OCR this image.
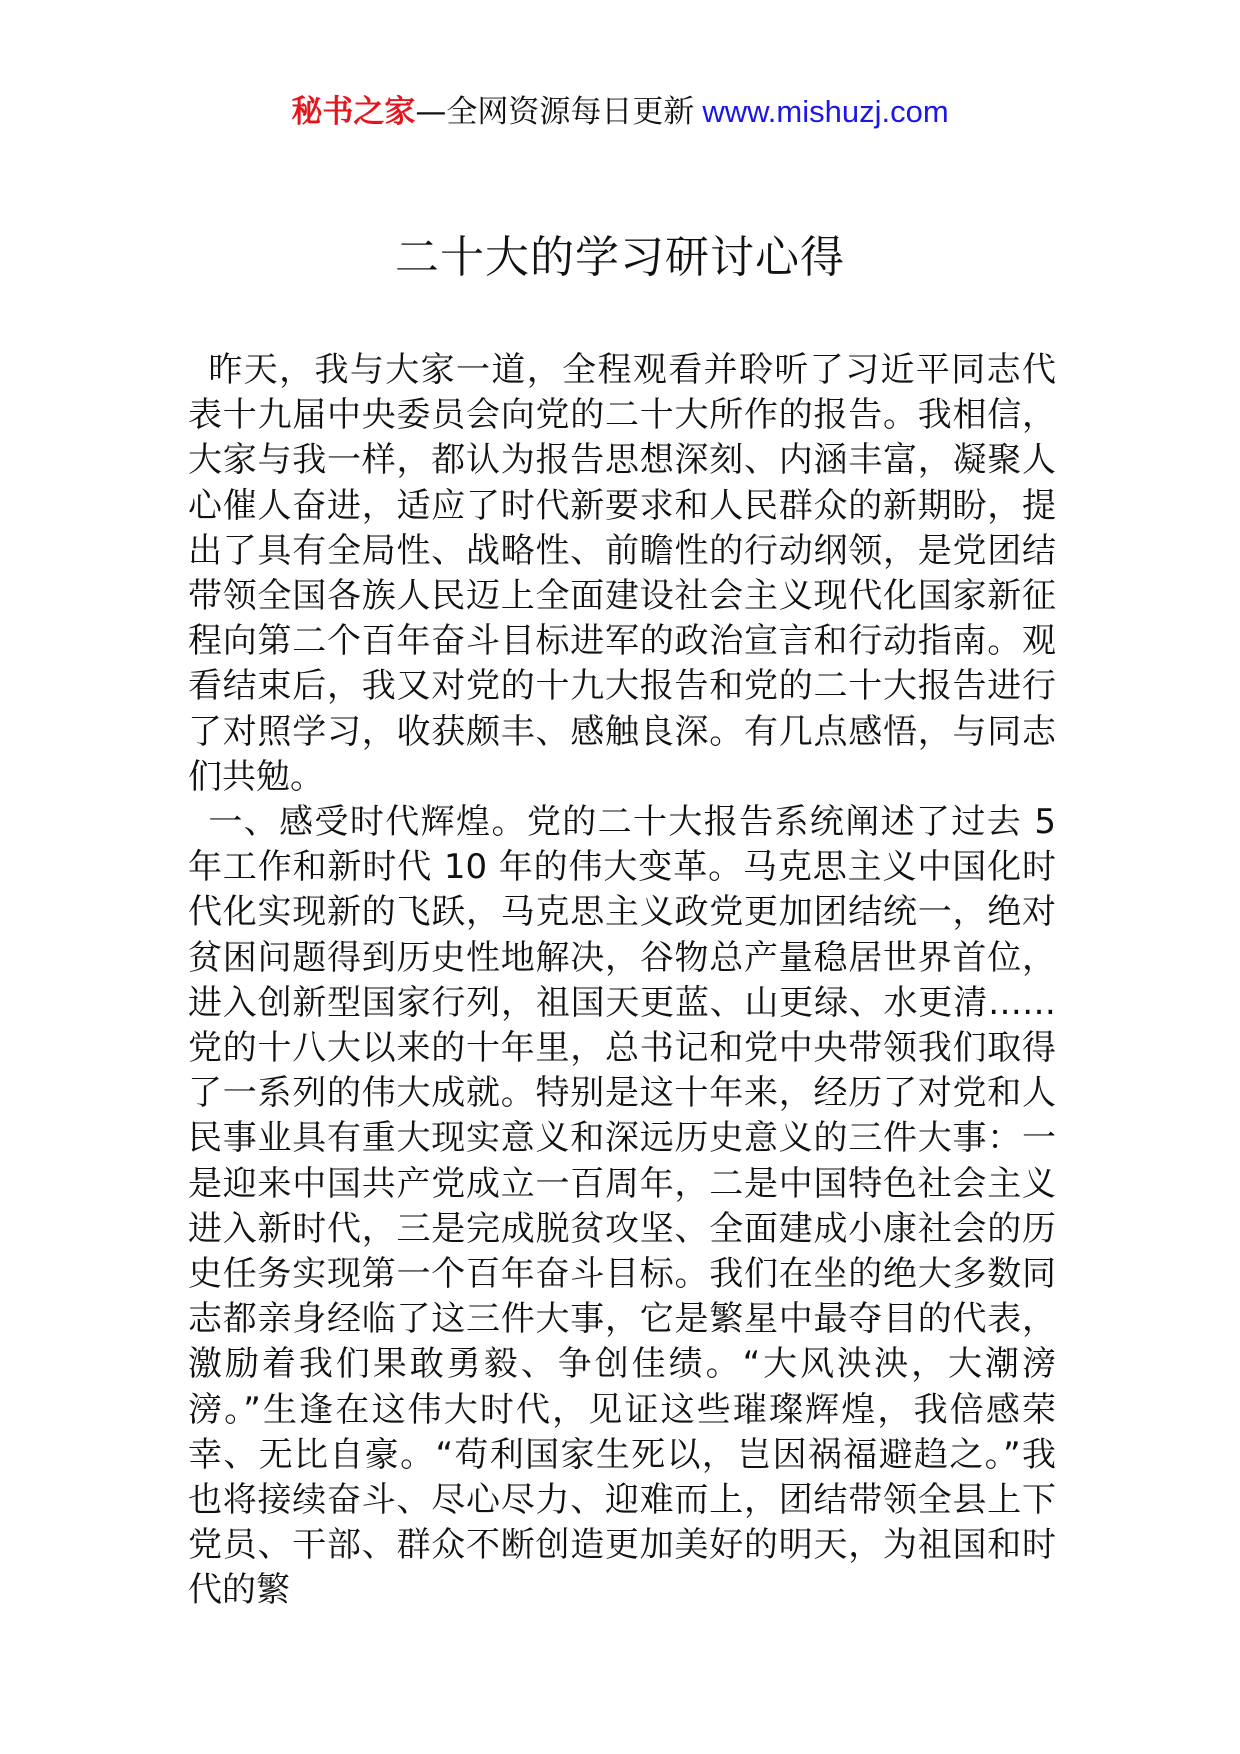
秘书之家—全网资源每日更新 www.mishuzj.com
二十大的学习研讨心得

昨天，我与大家一道，全程观看并聆听了习近平同志代表十九届中央委员会向党的二十大所作的报告。我相信，大家与我一样，都认为报告思想深刻、内涵丰富，凝聚人心催人奋进，适应了时代新要求和人民群众的新期盼，提出了具有全局性、战略性、前瞻性的行动纲领，是党团结带领全国各族人民迈上全面建设社会主义现代化国家新征程向第二个百年奋斗目标进军的政治宣言和行动指南。观看结束后，我又对党的十九大报告和党的二十大报告进行了对照学习，收获颇丰、感触良深。有几点感悟，与同志们共勉。

一、感受时代辉煌。党的二十大报告系统阐述了过去 5 年工作和新时代 10 年的伟大变革。马克思主义中国化时代化实现新的飞跃，马克思主义政党更加团结统一，绝对贫困问题得到历史性地解决，谷物总产量稳居世界首位，进入创新型国家行列，祖国天更蓝、山更绿、水更清……党的十八大以来的十年里，总书记和党中央带领我们取得了一系列的伟大成就。特别是这十年来，经历了对党和人民事业具有重大现实意义和深远历史意义的三件大事：一是迎来中国共产党成立一百周年，二是中国特色社会主义进入新时代，三是完成脱贫攻坚、全面建成小康社会的历史任务实现第一个百年奋斗目标。我们在坐的绝大多数同志都亲身经临了这三件大事，它是繁星中最夺目的代表，激励着我们果敢勇毅、争创佳绩。“大风泱泱，大潮滂滂。”生逢在这伟大时代，见证这些璀璨辉煌，我倍感荣幸、无比自豪。“苟利国家生死以，岂因祸福避趋之。”我也将接续奋斗、尽心尽力、迎难而上，团结带领全县上下党员、干部、群众不断创造更加美好的明天，为祖国和时代的繁
